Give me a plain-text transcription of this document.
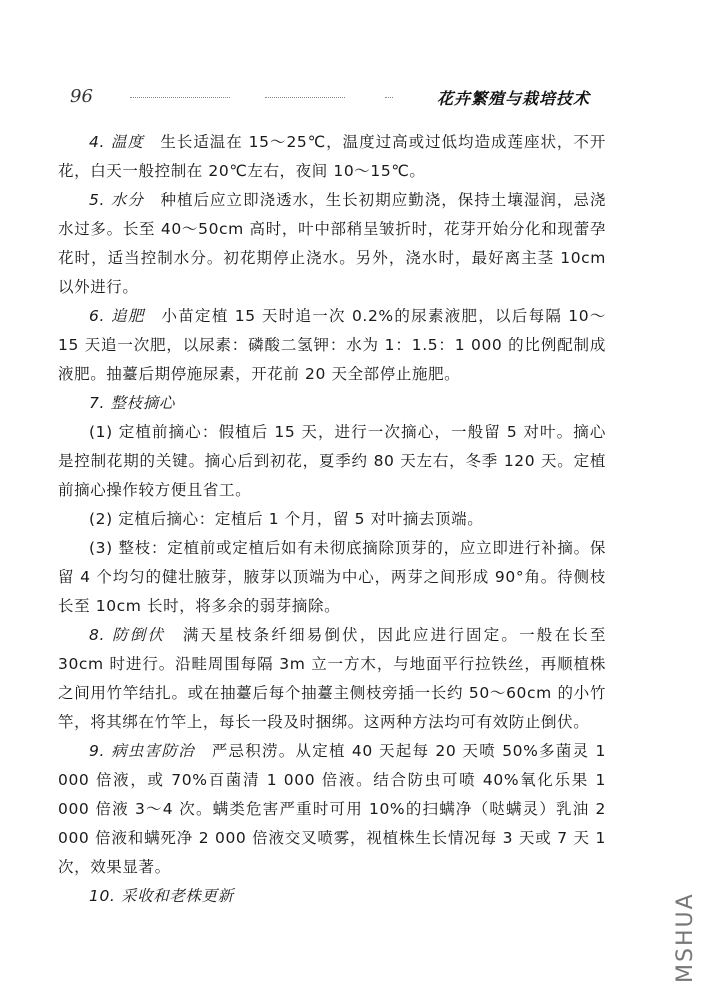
96	花卉繁殖与栽培技术

4. 温度　生长适温在 15～25℃，温度过高或过低均造成莲座状，不开花，白天一般控制在 20℃左右，夜间 10～15℃。

5. 水分　种植后应立即浇透水，生长初期应勤浇，保持土壤湿润，忌浇水过多。长至 40～50cm 高时，叶中部稍呈皱折时，花芽开始分化和现蕾孕花时，适当控制水分。初花期停止浇水。另外，浇水时，最好离主茎 10cm 以外进行。

6. 追肥　小苗定植 15 天时追一次 0.2%的尿素液肥，以后每隔 10～15 天追一次肥，以尿素：磷酸二氢钾：水为 1：1.5：1 000 的比例配制成液肥。抽薹后期停施尿素，开花前 20 天全部停止施肥。

7. 整枝摘心

(1) 定植前摘心：假植后 15 天，进行一次摘心，一般留 5 对叶。摘心是控制花期的关键。摘心后到初花，夏季约 80 天左右，冬季 120 天。定植前摘心操作较方便且省工。

(2) 定植后摘心：定植后 1 个月，留 5 对叶摘去顶端。

(3) 整枝：定植前或定植后如有未彻底摘除顶芽的，应立即进行补摘。保留 4 个均匀的健壮腋芽，腋芽以顶端为中心，两芽之间形成 90°角。待侧枝长至 10cm 长时，将多余的弱芽摘除。

8. 防倒伏　满天星枝条纤细易倒伏，因此应进行固定。一般在长至 30cm 时进行。沿畦周围每隔 3m 立一方木，与地面平行拉铁丝，再顺植株之间用竹竿结扎。或在抽薹后每个抽薹主侧枝旁插一长约 50～60cm 的小竹竿，将其绑在竹竿上，每长一段及时捆绑。这两种方法均可有效防止倒伏。

9. 病虫害防治　严忌积涝。从定植 40 天起每 20 天喷 50%多菌灵 1 000 倍液，或 70%百菌清 1 000 倍液。结合防虫可喷 40%氧化乐果 1 000 倍液 3～4 次。螨类危害严重时可用 10%的扫螨净（哒螨灵）乳油 2 000 倍液和螨死净 2 000 倍液交叉喷雾，视植株生长情况每 3 天或 7 天 1 次，效果显著。

10. 采收和老株更新	MSHUA
